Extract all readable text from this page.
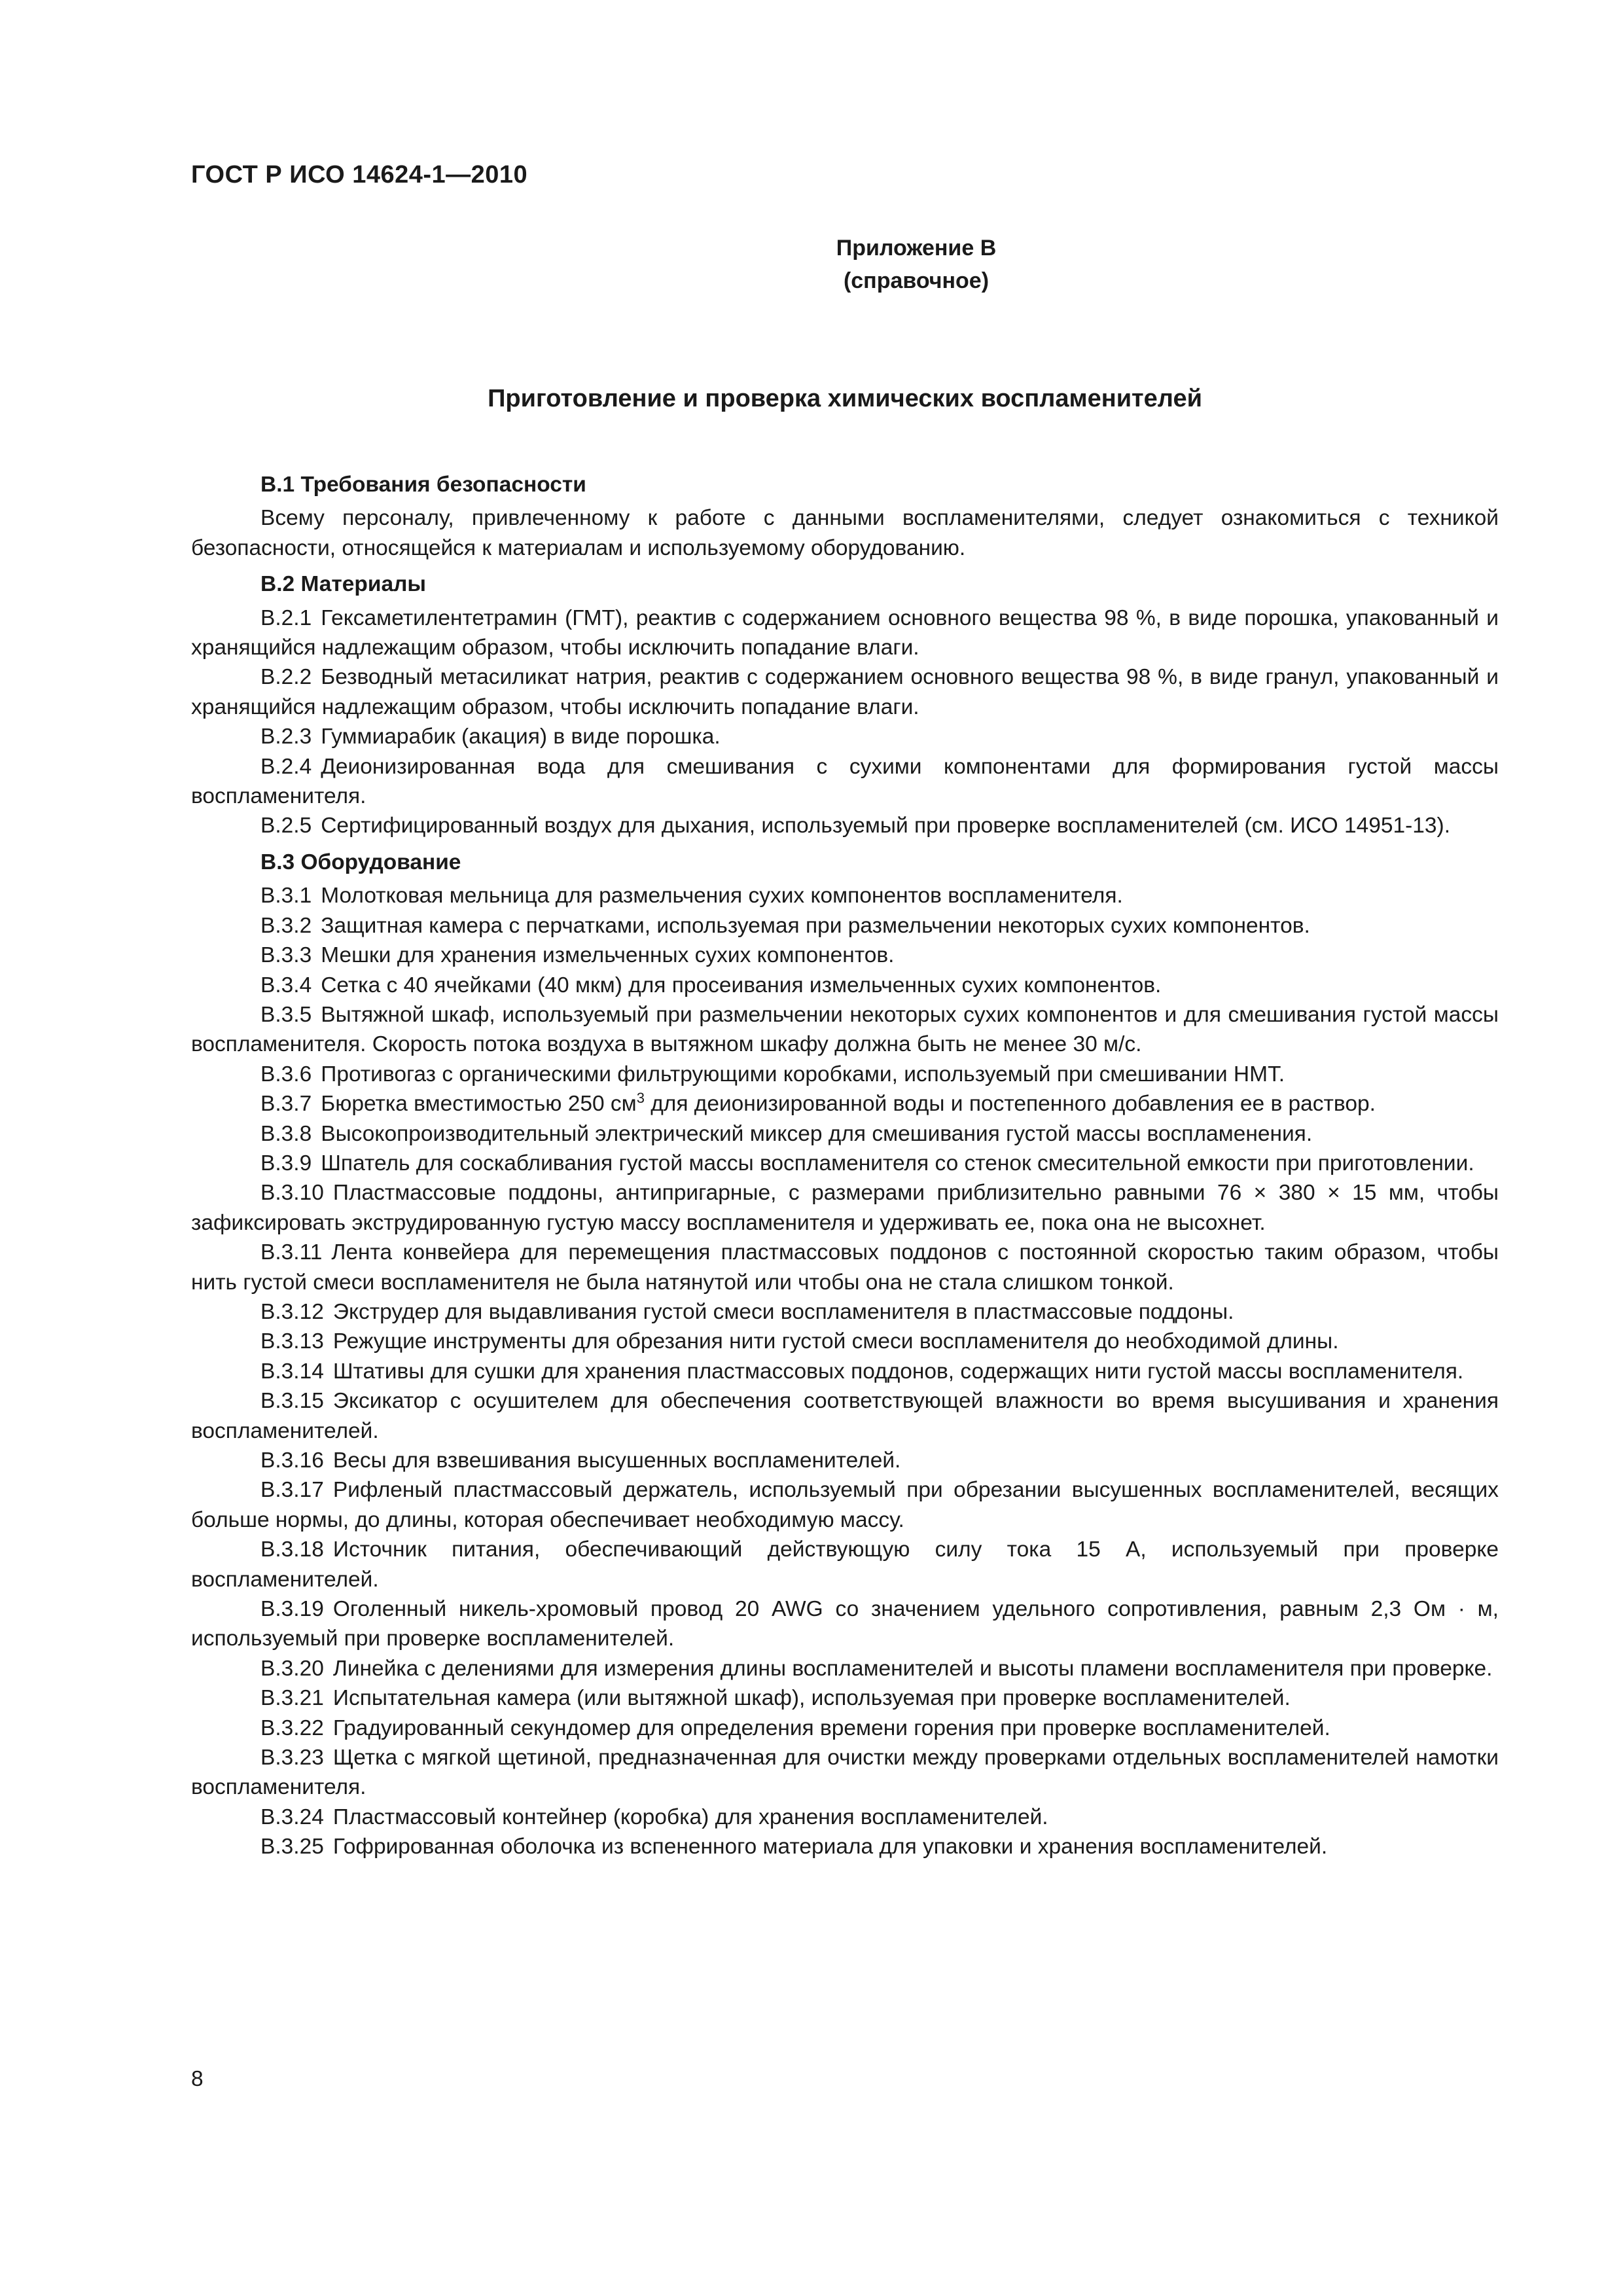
ГОСТ Р ИСО 14624-1—2010
Приложение В
(справочное)
Приготовление и проверка химических воспламенителей
В.1 Требования безопасности

Всему персоналу, привлеченному к работе с данными воспламенителями, следует ознакомиться с техникой безопасности, относящейся к материалам и используемому оборудованию.

В.2 Материалы

В.2.1 Гексаметилентетрамин (ГМТ), реактив с содержанием основного вещества 98 %, в виде порошка, упакованный и хранящийся надлежащим образом, чтобы исключить попадание влаги.

В.2.2 Безводный метасиликат натрия, реактив с содержанием основного вещества 98 %, в виде гранул, упакованный и хранящийся надлежащим образом, чтобы исключить попадание влаги.

В.2.3 Гуммиарабик (акация) в виде порошка.

В.2.4 Деионизированная вода для смешивания с сухими компонентами для формирования густой массы воспламенителя.

В.2.5 Сертифицированный воздух для дыхания, используемый при проверке воспламенителей (см. ИСО 14951-13).

В.3 Оборудование

В.3.1 Молотковая мельница для размельчения сухих компонентов воспламенителя.

В.3.2 Защитная камера с перчатками, используемая при размельчении некоторых сухих компонентов.

В.3.3 Мешки для хранения измельченных сухих компонентов.

В.3.4 Сетка с 40 ячейками (40 мкм) для просеивания измельченных сухих компонентов.

В.3.5 Вытяжной шкаф, используемый при размельчении некоторых сухих компонентов и для смешивания густой массы воспламенителя. Скорость потока воздуха в вытяжном шкафу должна быть не менее 30 м/с.

В.3.6 Противогаз с органическими фильтрующими коробками, используемый при смешивании НМТ.

В.3.7 Бюретка вместимостью 250 $см^3$ для деионизированной воды и постепенного добавления ее в раствор.

В.3.8 Высокопроизводительный электрический миксер для смешивания густой массы воспламенения.

В.3.9 Шпатель для соскабливания густой массы воспламенителя со стенок смесительной емкости при приготовлении.

В.3.10 Пластмассовые поддоны, антипригарные, с размерами приблизительно равными 76 × 380 × 15 мм, чтобы зафиксировать экструдированную густую массу воспламенителя и удерживать ее, пока она не высохнет.

В.3.11 Лента конвейера для перемещения пластмассовых поддонов с постоянной скоростью таким образом, чтобы нить густой смеси воспламенителя не была натянутой или чтобы она не стала слишком тонкой.

В.3.12 Экструдер для выдавливания густой смеси воспламенителя в пластмассовые поддоны.

В.3.13 Режущие инструменты для обрезания нити густой смеси воспламенителя до необходимой длины.

В.3.14 Штативы для сушки для хранения пластмассовых поддонов, содержащих нити густой массы воспламенителя.

В.3.15 Эксикатор с осушителем для обеспечения соответствующей влажности во время высушивания и хранения воспламенителей.

В.3.16 Весы для взвешивания высушенных воспламенителей.

В.3.17 Рифленый пластмассовый держатель, используемый при обрезании высушенных воспламенителей, весящих больше нормы, до длины, которая обеспечивает необходимую массу.

В.3.18 Источник питания, обеспечивающий действующую силу тока 15 А, используемый при проверке воспламенителей.

В.3.19 Оголенный никель-хромовый провод 20 AWG со значением удельного сопротивления, равным 2,3 Ом · м, используемый при проверке воспламенителей.

В.3.20 Линейка с делениями для измерения длины воспламенителей и высоты пламени воспламенителя при проверке.

В.3.21 Испытательная камера (или вытяжной шкаф), используемая при проверке воспламенителей.

В.3.22 Градуированный секундомер для определения времени горения при проверке воспламенителей.

В.3.23 Щетка с мягкой щетиной, предназначенная для очистки между проверками отдельных воспламенителей намотки воспламенителя.

В.3.24 Пластмассовый контейнер (коробка) для хранения воспламенителей.

В.3.25 Гофрированная оболочка из вспененного материала для упаковки и хранения воспламенителей.

8
